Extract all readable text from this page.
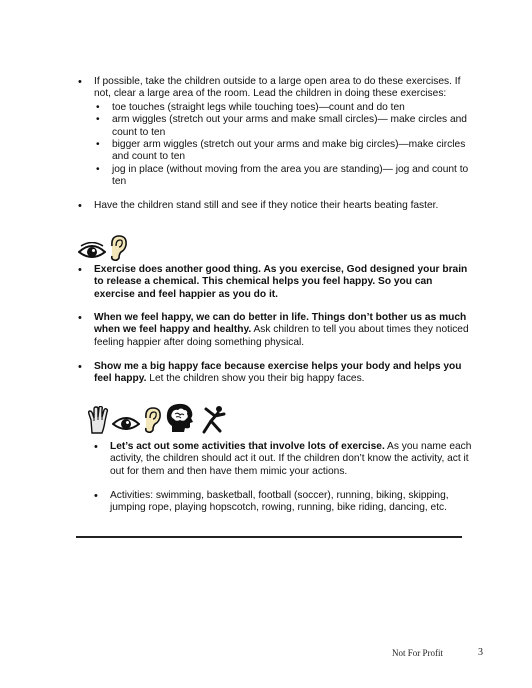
• If possible, take the children outside to a large open area to do these exercises. If not, clear a large area of the room. Lead the children in doing these exercises:
• toe touches (straight legs while touching toes)—count and do ten
• arm wiggles (stretch out your arms and make small circles)— make circles and count to ten
• bigger arm wiggles (stretch out your arms and make big circles)—make circles and count to ten
• jog in place (without moving from the area you are standing)— jog and count to ten
• Have the children stand still and see if they notice their hearts beating faster.
• Exercise does another good thing. As you exercise, God designed your brain to release a chemical. This chemical helps you feel happy. So you can exercise and feel happier as you do it.
• When we feel happy, we can do better in life. Things don’t bother us as much when we feel happy and healthy. Ask children to tell you about times they noticed feeling happier after doing something physical.
• Show me a big happy face because exercise helps your body and helps you feel happy. Let the children show you their big happy faces.
• Let’s act out some activities that involve lots of exercise. As you name each activity, the children should act it out. If the children don’t know the activity, act it out for them and then have them mimic your actions.
• Activities: swimming, basketball, football (soccer), running, biking, skipping, jumping rope, playing hopscotch, rowing, running, bike riding, dancing, etc.
Not For Profit	3
